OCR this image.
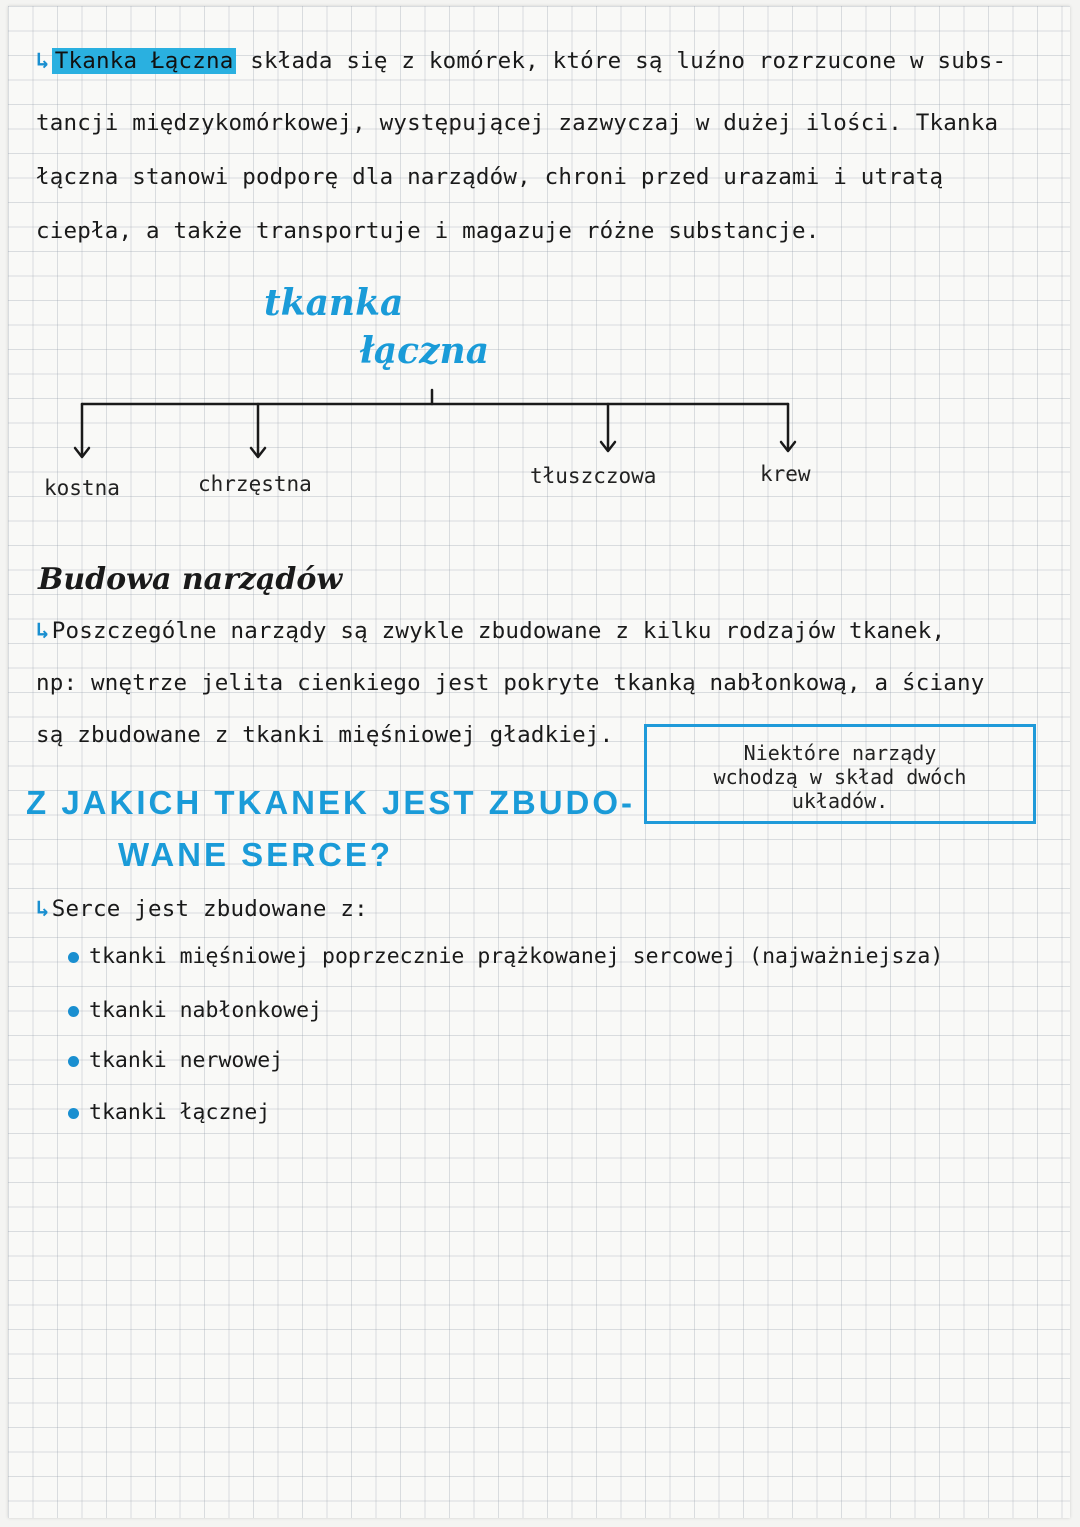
↳ Tkanka Łączna składa się z komórek, które są luźno rozrzucone w subs-
tancji międzykomórkowej, występującej zazwyczaj w dużej ilości. Tkanka
łączna stanowi podporę dla narządów, chroni przed urazami i utratą
ciepła, a także transportuje i magazuje różne substancje.
tkanka
łączna
kostna	chrzęstna	tłuszczowa	krew
Budowa narządów
↳Poszczególne narządy są zwykle zbudowane z kilku rodzajów tkanek,
np: wnętrze jelita cienkiego jest pokryte tkanką nabłonkową, a ściany
są zbudowane z tkanki mięśniowej gładkiej.
Niektóre narządy
wchodzą w skład dwóch
układów.
Z JAKICH TKANEK JEST ZBUDO-
WANE SERCE?
↳Serce jest zbudowane z:
tkanki mięśniowej poprzecznie prążkowanej sercowej (najważniejsza)
tkanki nabłonkowej
tkanki nerwowej
tkanki łącznej
